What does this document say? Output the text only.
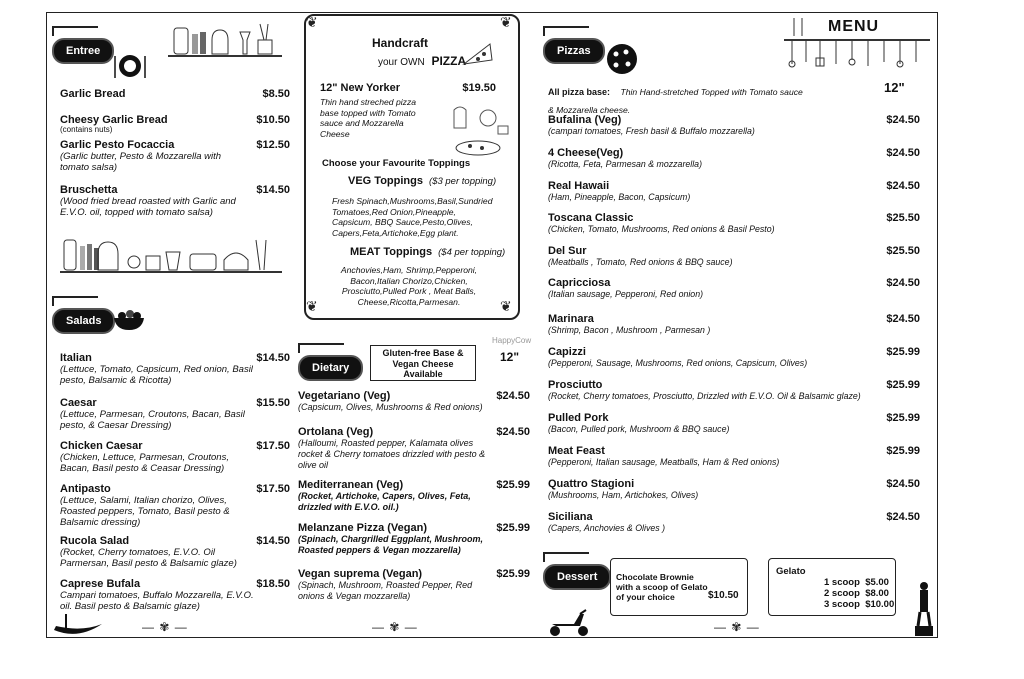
Entree
Garlic Bread	$8.50
Cheesy Garlic Bread	$10.50
(contains nuts)
Garlic Pesto Focaccia	$12.50
(Garlic butter, Pesto & Mozzarella with tomato salsa)
Bruschetta	$14.50
(Wood fried bread roasted with Garlic and E.V.O. oil, topped with tomato salsa)
Salads
Italian	$14.50
(Lettuce, Tomato, Capsicum, Red onion, Basil pesto, Balsamic & Ricotta)
Caesar	$15.50
(Lettuce, Parmesan, Croutons, Bacan, Basil pesto, & Caesar Dressing)
Chicken Caesar	$17.50
(Chicken, Lettuce, Parmesan, Croutons, Bacan, Basil pesto & Ceasar Dressing)
Antipasto	$17.50
(Lettuce, Salami, Italian chorizo, Olives, Roasted peppers, Tomato, Basil pesto & Balsamic dressing)
Rucola Salad	$14.50
(Rocket, Cherry tomatoes, E.V.O. Oil Parmersan, Basil pesto & Balsamic glaze)
Caprese Bufala	$18.50
Campari tomatoes, Buffalo Mozzarella, E.V.O. oil. Basil pesto & Balsamic glaze)
— ✾ —
❦	❦
❦	❦
Handcraft
your OWN PIZZA
12" New Yorker	$19.50
Thin hand streched pizza base topped with Tomato sauce and Mozzarella Cheese
Choose your Favourite Toppings
VEG Toppings ($3 per topping)
Fresh Spinach,Mushrooms,Basil,Sundried Tomatoes,Red Onion,Pineapple, Capsicum, BBQ Sauce,Pesto,Olives, Capers,Feta,Artichoke,Egg plant.
MEAT Toppings ($4 per topping)
Anchovies,Ham, Shrimp,Pepperoni, Bacon,Italian Chorizo,Chicken, Prosciutto,Pulled Pork , Meat Balls, Cheese,Ricotta,Parmesan.
Dietary
Gluten-free Base & Vegan Cheese Available
HappyCow
12"
Vegetariano (Veg)	$24.50
(Capsicum, Olives, Mushrooms & Red onions)
Ortolana (Veg)	$24.50
(Halloumi, Roasted pepper, Kalamata olives rocket & Cherry tomatoes drizzled with pesto & olive oil
Mediterranean (Veg)	$25.99
(Rocket, Artichoke, Capers, Olives, Feta, drizzled with E.V.O. oil.)
Melanzane Pizza (Vegan)	$25.99
(Spinach, Chargrilled Eggplant, Mushroom, Roasted peppers & Vegan mozzarella)
Vegan suprema (Vegan)	$25.99
(Spinach, Mushroom, Roasted Pepper, Red onions & Vegan mozzarella)
— ✾ —
Pizzas
MENU
All pizza base: Thin Hand-stretched Topped with Tomato sauce & Mozzarella cheese.
12"
Bufalina (Veg)	$24.50
(campari tomatoes, Fresh basil & Buffalo mozzarella)
4 Cheese(Veg)	$24.50
(Ricotta, Feta, Parmesan & mozzarella)
Real Hawaii	$24.50
(Ham, Pineapple, Bacon, Capsicum)
Toscana Classic	$25.50
(Chicken, Tomato, Mushrooms, Red onions & Basil Pesto)
Del Sur	$25.50
(Meatballs , Tomato, Red onions & BBQ sauce)
Capricciosa	$24.50
(Italian sausage, Pepperoni, Red onion)
Marinara	$24.50
(Shrimp, Bacon , Mushroom , Parmesan )
Capizzi	$25.99
(Pepperoni, Sausage, Mushrooms, Red onions, Capsicum, Olives)
Prosciutto	$25.99
(Rocket, Cherry tomatoes, Prosciutto, Drizzled with E.V.O. Oil & Balsamic glaze)
Pulled Pork	$25.99
(Bacon, Pulled pork, Mushroom & BBQ sauce)
Meat Feast	$25.99
(Pepperoni, Italian sausage, Meatballs, Ham & Red onions)
Quattro Stagioni	$24.50
(Mushrooms, Ham, Artichokes, Olives)
Siciliana	$24.50
(Capers, Anchovies & Olives )
Dessert	Chocolate Brownie with a scoop of Gelato of your choice	$10.50
Gelato
1 scoop $5.00
2 scoop $8.00
3 scoop $10.00
— ✾ —
